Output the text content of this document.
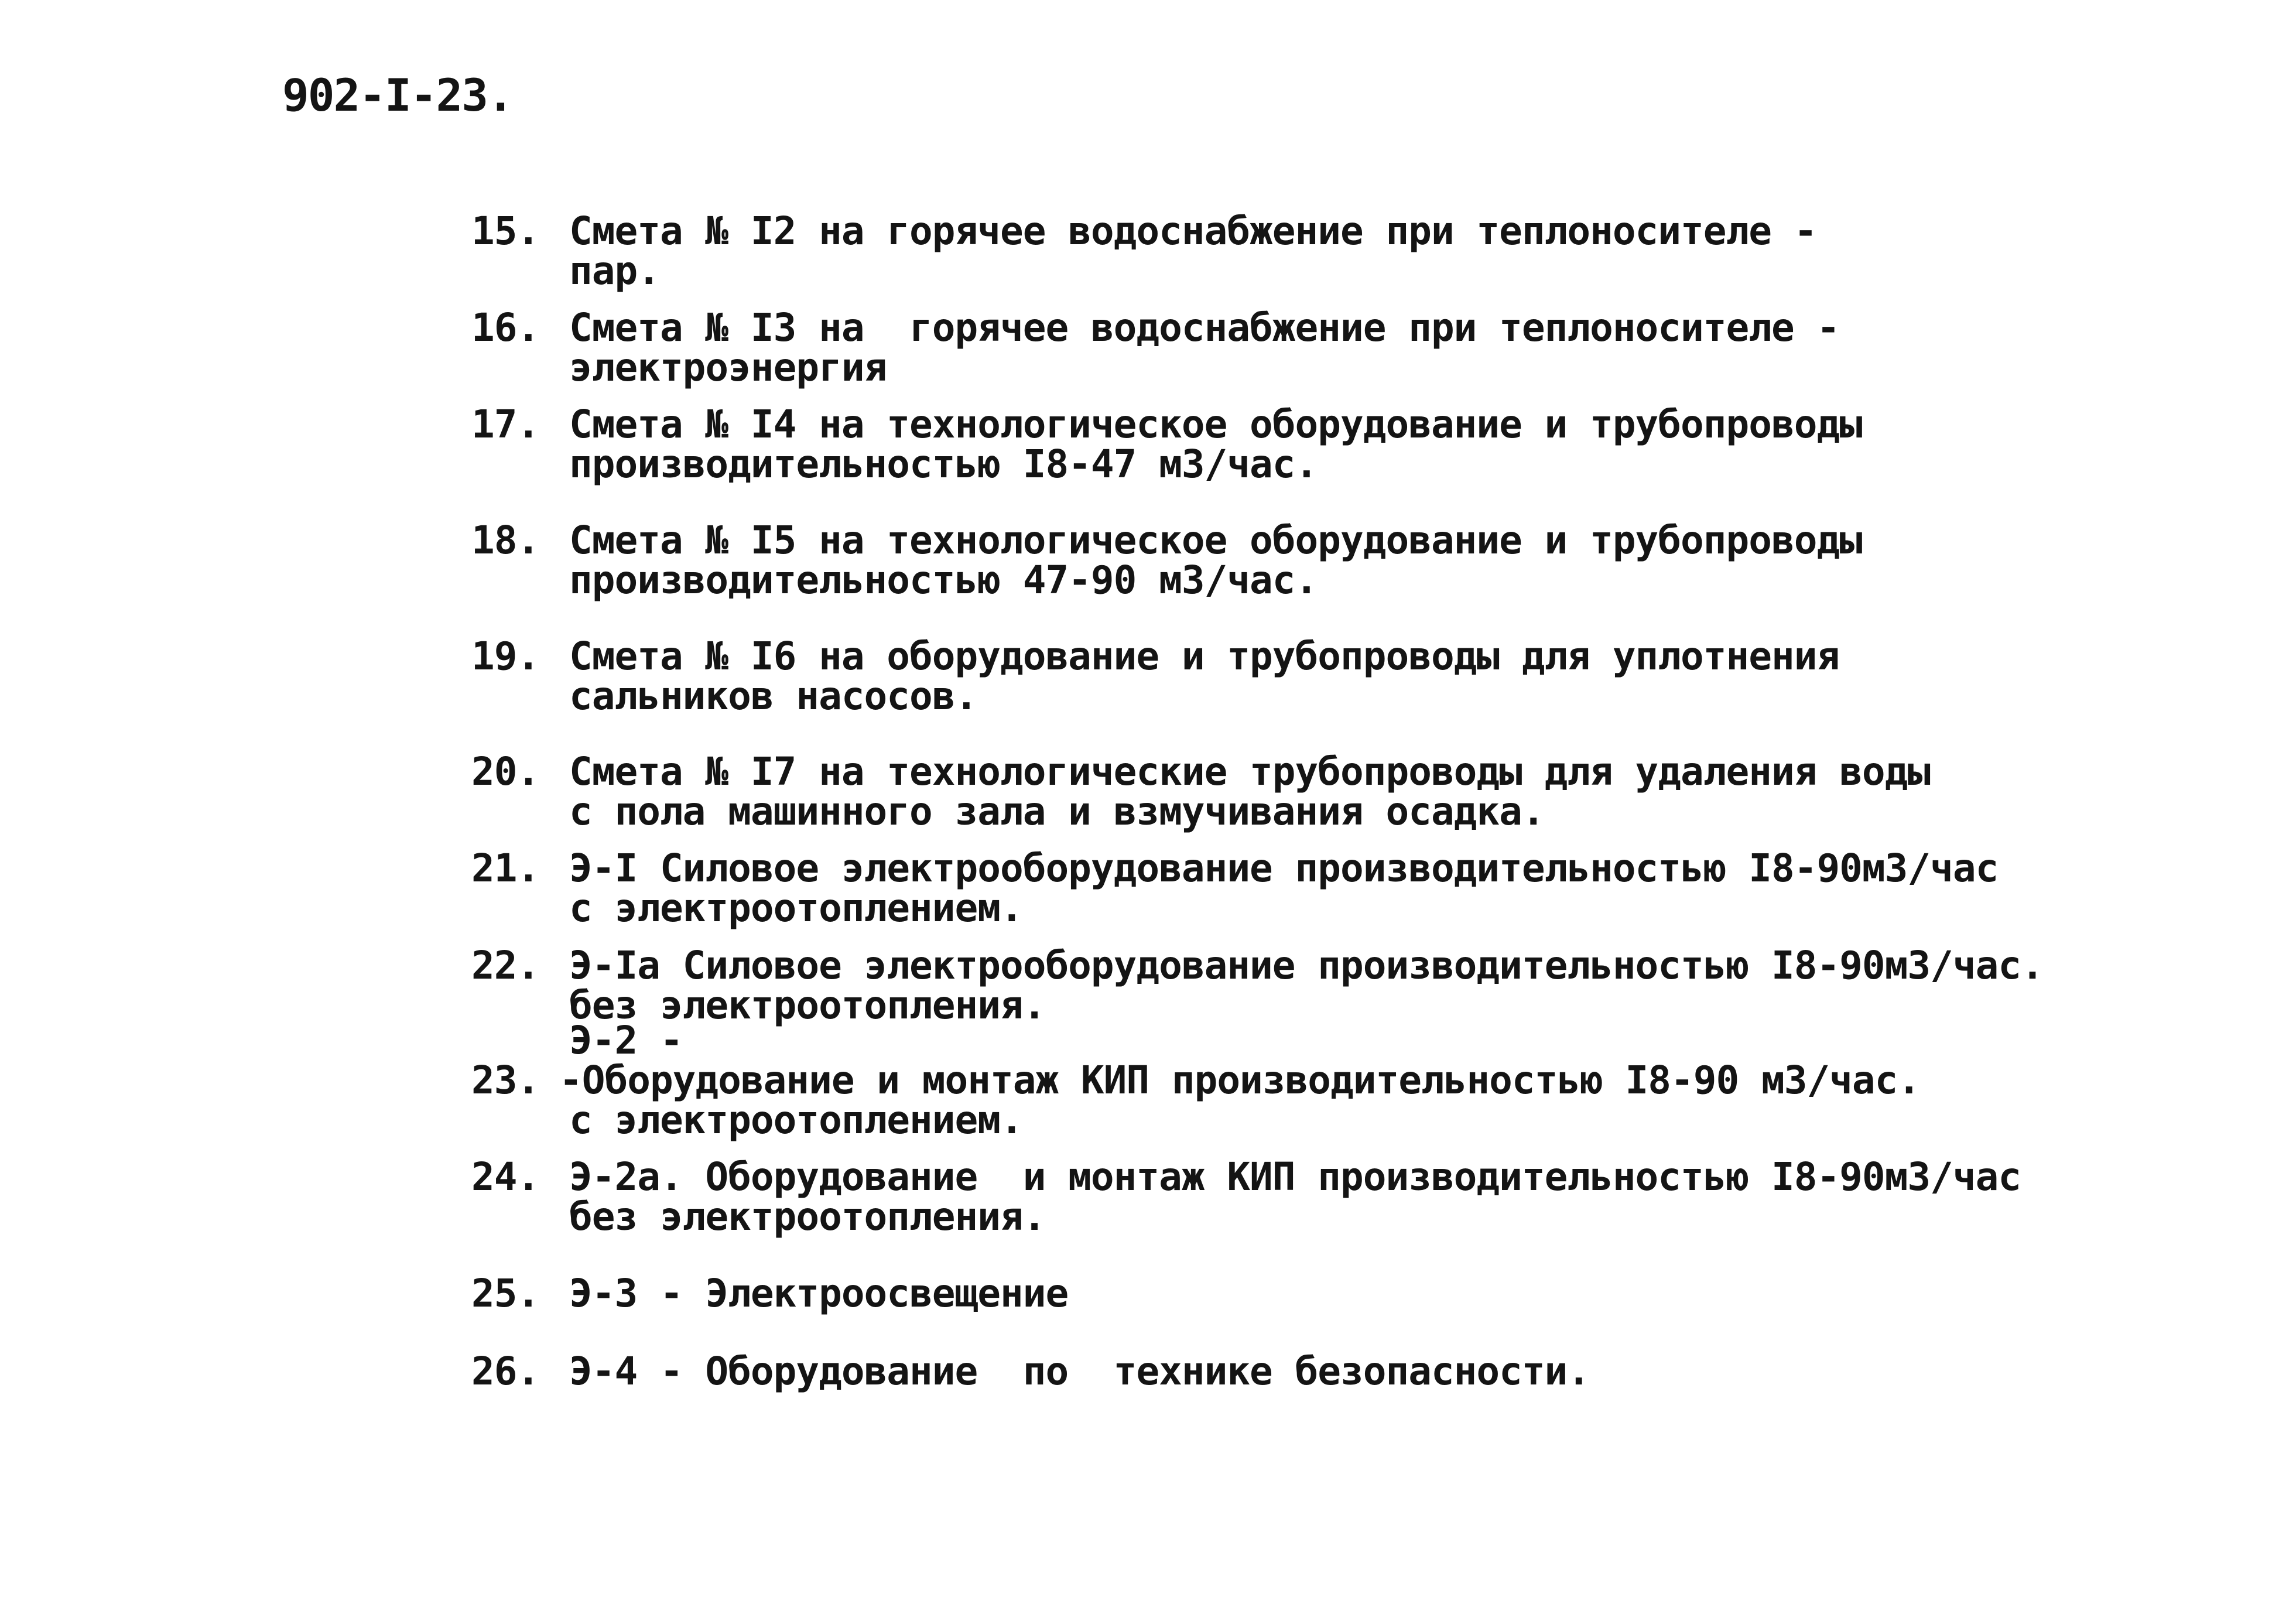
902-I-23.
15. Смета № I2 на горячее водоснабжение при теплоносителе -
пар.
16. Смета № I3 на  горячее водоснабжение при теплоносителе -
электроэнергия
17. Смета № I4 на технологическое оборудование и трубопроводы
производительностью I8-47 м3/час.
18. Смета № I5 на технологическое оборудование и трубопроводы
производительностью 47-90 м3/час.
19. Смета № I6 на оборудование и трубопроводы для уплотнения
сальников насосов.
20. Смета № I7 на технологические трубопроводы для удаления воды
с пола машинного зала и взмучивания осадка.
21. Э-I Силовое электрооборудование производительностью I8-90м3/час
с электроотоплением.
22. Э-Iа Силовое электрооборудование производительностью I8-90м3/час.
без электроотопления.
Э-2 -
23. -Оборудование и монтаж КИП производительностью I8-90 м3/час.
с электроотоплением.
24. Э-2а. Оборудование  и монтаж КИП производительностью I8-90м3/час
без электроотопления.
25. Э-3 - Электроосвещение
26. Э-4 - Оборудование  по  технике безопасности.
